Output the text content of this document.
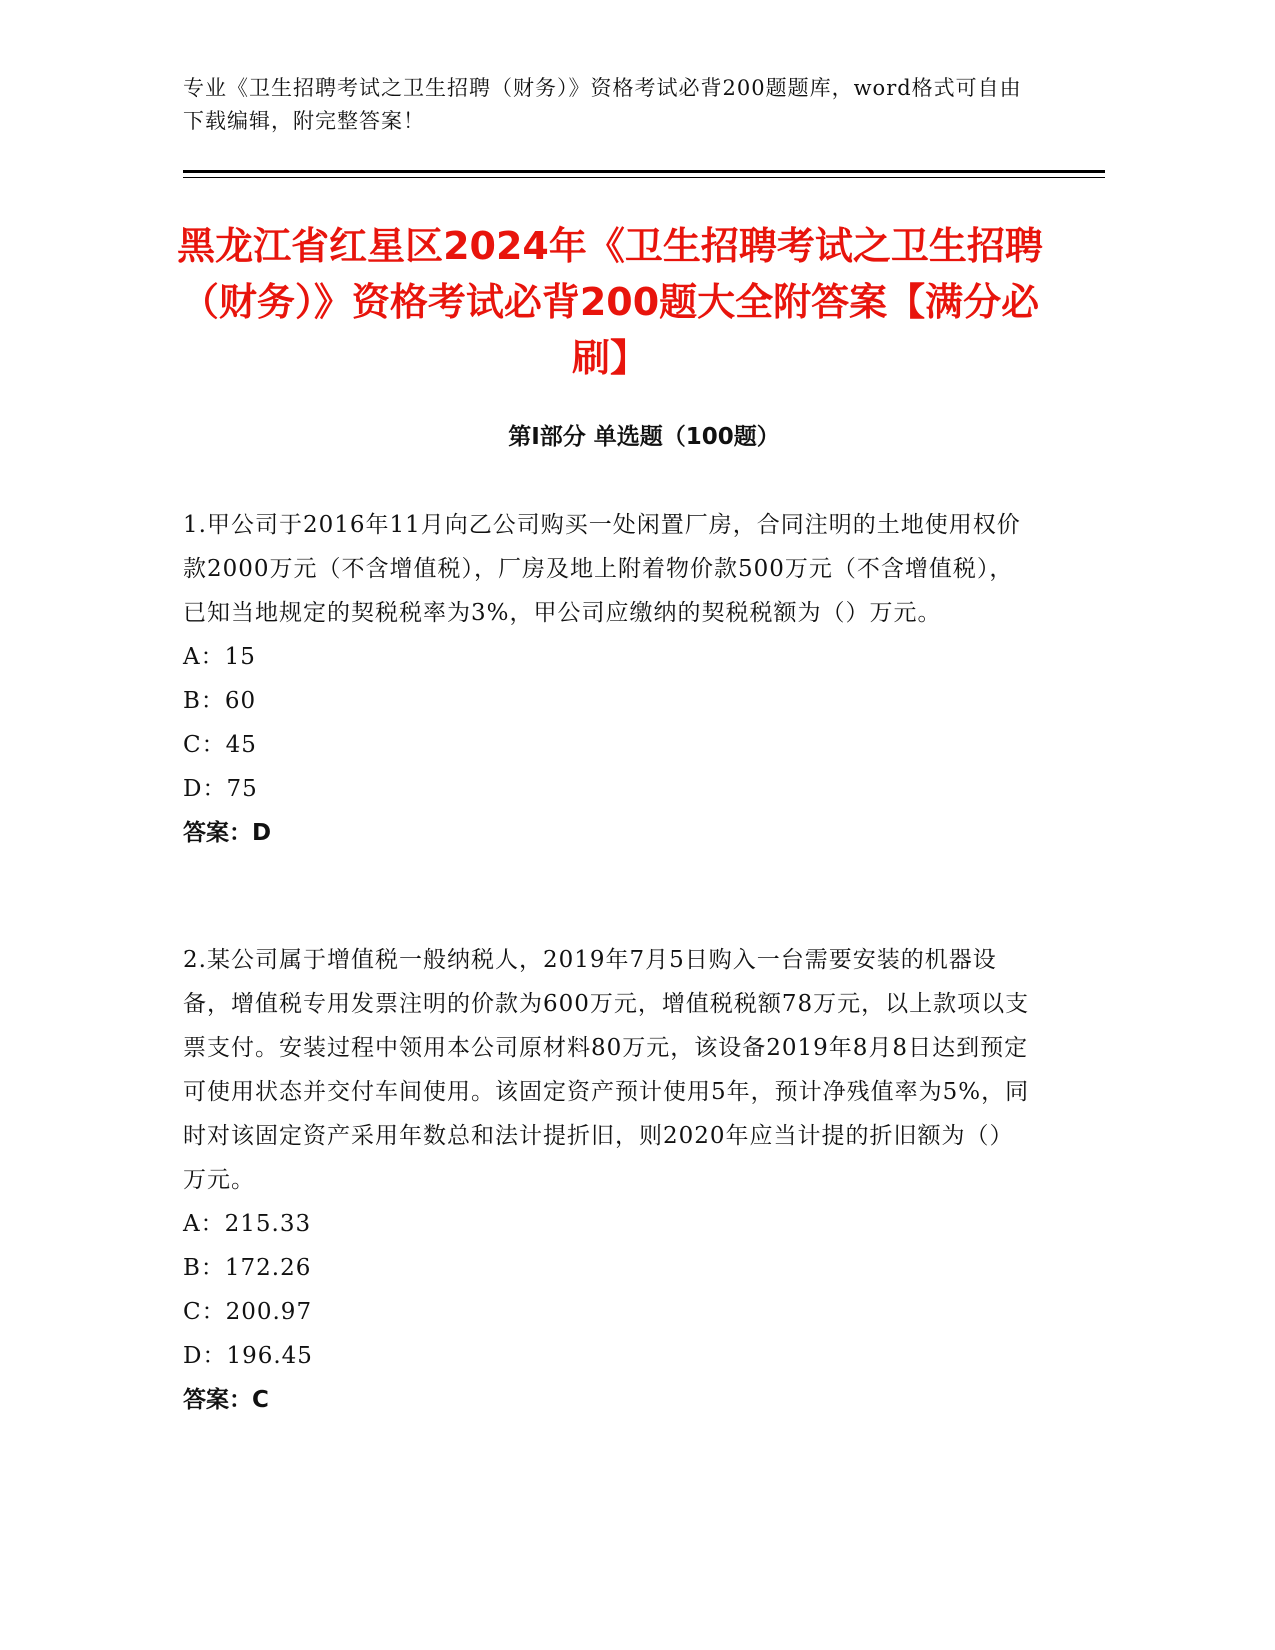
专业《卫生招聘考试之卫生招聘（财务）》资格考试必背200题题库，word格式可自由下载编辑，附完整答案！
黑龙江省红星区2024年《卫生招聘考试之卫生招聘（财务）》资格考试必背200题大全附答案【满分必刷】
第Ⅰ部分 单选题（100题）
1.甲公司于2016年11月向乙公司购买一处闲置厂房，合同注明的土地使用权价款2000万元（不含增值税），厂房及地上附着物价款500万元（不含增值税），已知当地规定的契税税率为3%，甲公司应缴纳的契税税额为（）万元。
A：15
B：60
C：45
D：75
答案：D
2.某公司属于增值税一般纳税人，2019年7月5日购入一台需要安装的机器设备，增值税专用发票注明的价款为600万元，增值税税额78万元，以上款项以支票支付。安装过程中领用本公司原材料80万元，该设备2019年8月8日达到预定可使用状态并交付车间使用。该固定资产预计使用5年，预计净残值率为5%，同时对该固定资产采用年数总和法计提折旧，则2020年应当计提的折旧额为（）万元。
A：215.33
B：172.26
C：200.97
D：196.45
答案：C
